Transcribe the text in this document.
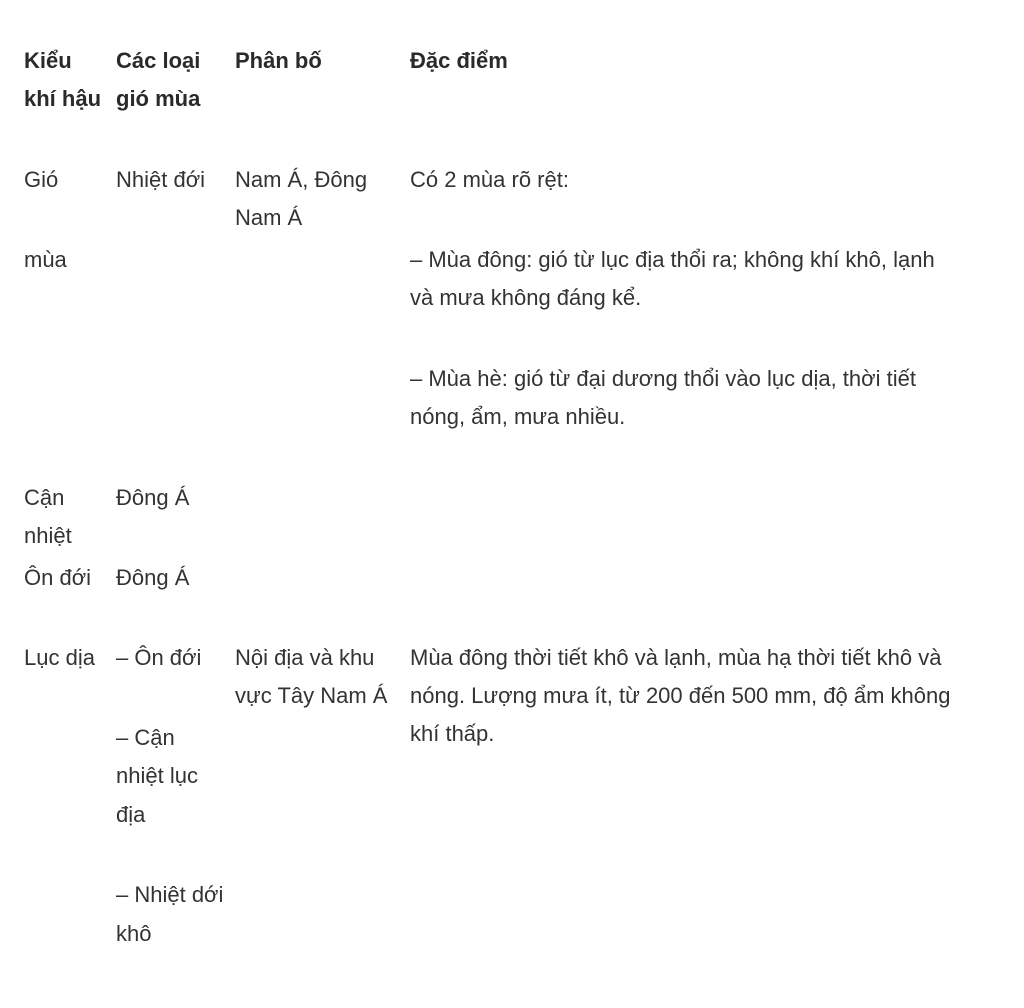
Kiểu

khí hậu

Các loại

gió mùa

Phân bố	Đặc điểm

Gió

mùa

Nhiệt đới Nam Á, Đông

Nam Á

Có 2 mùa rõ rệt:

– Mùa đông: gió từ lục địa thổi ra; không khí khô, lạnh

và mưa không đáng kể.

– Mùa hè: gió từ đại dương thổi vào lục dịa, thời tiết

nóng, ẩm, mưa nhiều.

Cận

nhiệt

Đông Á

Ôn đới Đông Á

Lục dịa – Ôn đới

– Cận

nhiệt lục

địa

– Nhiệt dới

khô

Nội địa và khu

vực Tây Nam Á

Mùa đông thời tiết khô và lạnh, mùa hạ thời tiết khô và

nóng. Lượng mưa ít, từ 200 đến 500 mm, độ ẩm không

khí thấp.
